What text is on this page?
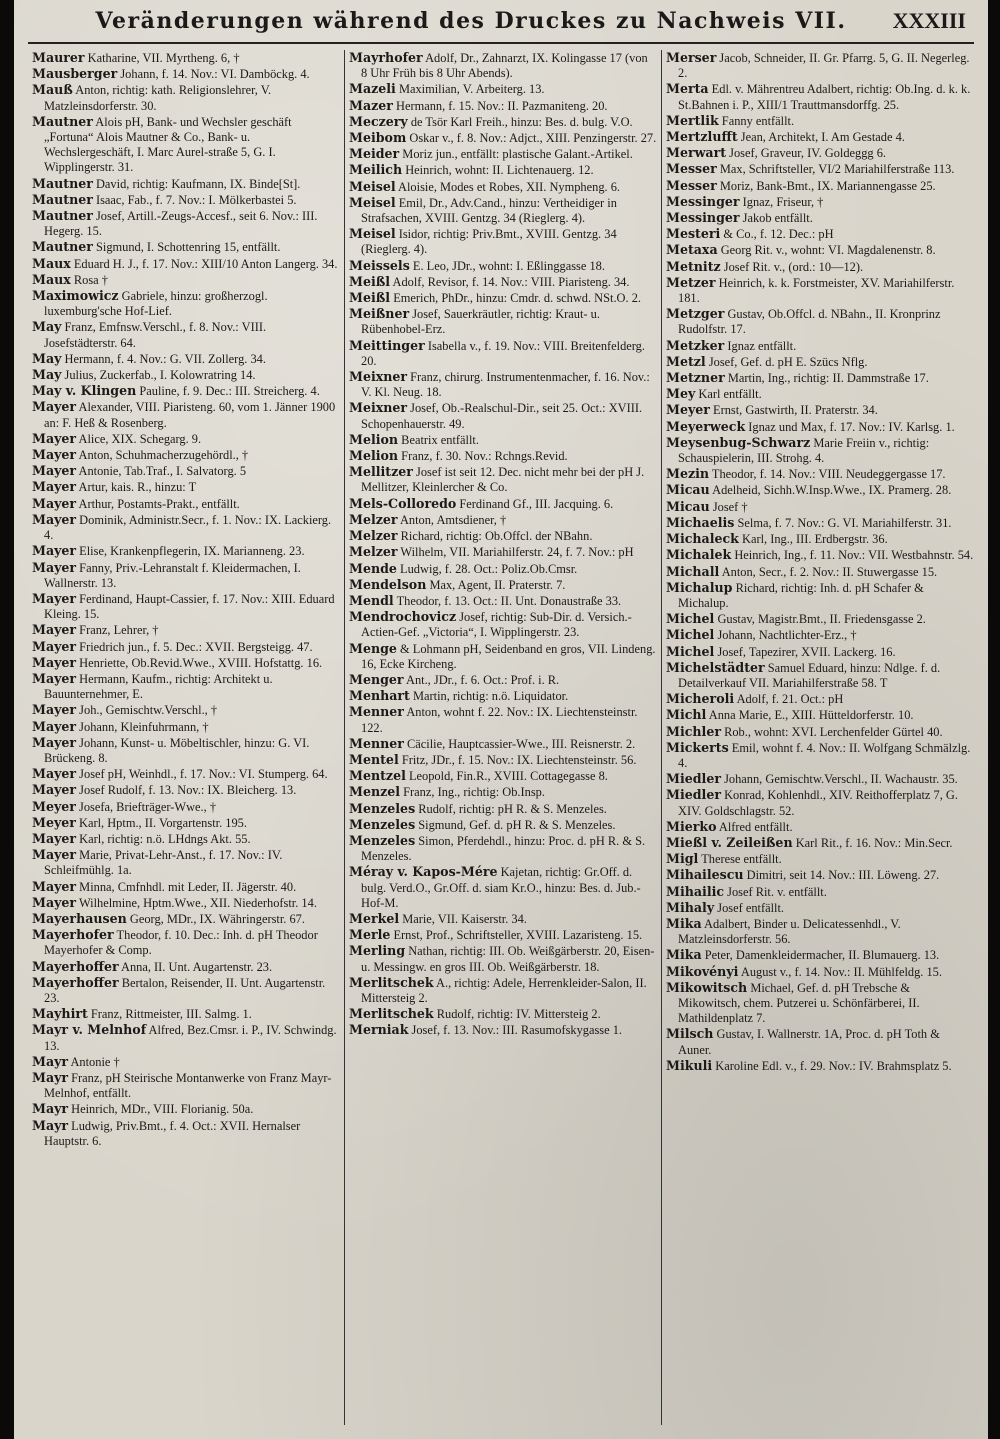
Veränderungen während des Druckes zu Nachweis VII.	XXXIII

Maurer Katharine, VII. Myrtheng. 6, †

Mausberger Johann, f. 14. Nov.: VI. Damböckg. 4.

Mauß Anton, richtig: kath. Religionslehrer, V. Matzleinsdorferstr. 30.

Mautner Alois pH, Bank- und Wechsler geschäft „Fortuna“ Alois Mautner & Co., Bank- u. Wechslergeschäft, I. Marc Aurel-straße 5, G. I. Wipplingerstr. 31.

Mautner David, richtig: Kaufmann, IX. Binde[St].

Mautner Isaac, Fab., f. 7. Nov.: I. Mölkerbastei 5.

Mautner Josef, Artill.-Zeugs-Accesf., seit 6. Nov.: III. Hegerg. 15.

Mautner Sigmund, I. Schottenring 15, entfällt.

Maux Eduard H. J., f. 17. Nov.: XIII/10 Anton Langerg. 34.

Maux Rosa †

Maximowicz Gabriele, hinzu: großherzogl. luxemburg'sche Hof-Lief.

May Franz, Emfnsw.Verschl., f. 8. Nov.: VIII. Josefstädterstr. 64.

May Hermann, f. 4. Nov.: G. VII. Zollerg. 34.

May Julius, Zuckerfab., I. Kolowratring 14.

May v. Klingen Pauline, f. 9. Dec.: III. Streicherg. 4.

Mayer Alexander, VIII. Piaristeng. 60, vom 1. Jänner 1900 an: F. Heß & Rosenberg.

Mayer Alice, XIX. Schegarg. 9.

Mayer Anton, Schuhmacherzugehördl., †

Mayer Antonie, Tab.Traf., I. Salvatorg. 5

Mayer Artur, kais. R., hinzu: T

Mayer Arthur, Postamts-Prakt., entfällt.

Mayer Dominik, Administr.Secr., f. 1. Nov.: IX. Lackierg. 4.

Mayer Elise, Krankenpflegerin, IX. Marianneng. 23.

Mayer Fanny, Priv.-Lehranstalt f. Kleidermachen, I. Wallnerstr. 13.

Mayer Ferdinand, Haupt-Cassier, f. 17. Nov.: XIII. Eduard Kleing. 15.

Mayer Franz, Lehrer, †

Mayer Friedrich jun., f. 5. Dec.: XVII. Bergsteigg. 47.

Mayer Henriette, Ob.Revid.Wwe., XVIII. Hofstattg. 16.

Mayer Hermann, Kaufm., richtig: Architekt u. Bauunternehmer, E.

Mayer Joh., Gemischtw.Verschl., †

Mayer Johann, Kleinfuhrmann, †

Mayer Johann, Kunst- u. Möbeltischler, hinzu: G. VI. Brückeng. 8.

Mayer Josef pH, Weinhdl., f. 17. Nov.: VI. Stumperg. 64.

Mayer Josef Rudolf, f. 13. Nov.: IX. Bleicherg. 13.

Meyer Josefa, Briefträger-Wwe., †

Meyer Karl, Hptm., II. Vorgartenstr. 195.

Mayer Karl, richtig: n.ö. LHdngs Akt. 55.

Mayer Marie, Privat-Lehr-Anst., f. 17. Nov.: IV. Schleifmühlg. 1a.

Mayer Minna, Cmfnhdl. mit Leder, II. Jägerstr. 40.

Mayer Wilhelmine, Hptm.Wwe., XII. Niederhofstr. 14.

Mayerhausen Georg, MDr., IX. Währingerstr. 67.

Mayerhofer Theodor, f. 10. Dec.: Inh. d. pH Theodor Mayerhofer & Comp.

Mayerhoffer Anna, II. Unt. Augartenstr. 23.

Mayerhoffer Bertalon, Reisender, II. Unt. Augartenstr. 23.

Mayhirt Franz, Rittmeister, III. Salmg. 1.

Mayr v. Melnhof Alfred, Bez.Cmsr. i. P., IV. Schwindg. 13.

Mayr Antonie †

Mayr Franz, pH Steirische Montanwerke von Franz Mayr-Melnhof, entfällt.

Mayr Heinrich, MDr., VIII. Florianig. 50a.

Mayr Ludwig, Priv.Bmt., f. 4. Oct.: XVII. Hernalser Hauptstr. 6.

Mayrhofer Adolf, Dr., Zahnarzt, IX. Kolingasse 17 (von 8 Uhr Früh bis 8 Uhr Abends).

Mazeli Maximilian, V. Arbeiterg. 13.

Mazer Hermann, f. 15. Nov.: II. Pazmaniteng. 20.

Meczery de Tsör Karl Freih., hinzu: Bes. d. bulg. V.O.

Meibom Oskar v., f. 8. Nov.: Adjct., XIII. Penzingerstr. 27.

Meider Moriz jun., entfällt: plastische Galant.-Artikel.

Meilich Heinrich, wohnt: II. Lichtenauerg. 12.

Meisel Aloisie, Modes et Robes, XII. Nympheng. 6.

Meisel Emil, Dr., Adv.Cand., hinzu: Vertheidiger in Strafsachen, XVIII. Gentzg. 34 (Rieglerg. 4).

Meisel Isidor, richtig: Priv.Bmt., XVIII. Gentzg. 34 (Rieglerg. 4).

Meissels E. Leo, JDr., wohnt: I. Eßlinggasse 18.

Meißl Adolf, Revisor, f. 14. Nov.: VIII. Piaristeng. 34.

Meißl Emerich, PhDr., hinzu: Cmdr. d. schwd. NSt.O. 2.

Meißner Josef, Sauerkräutler, richtig: Kraut- u. Rübenhobel-Erz.

Meittinger Isabella v., f. 19. Nov.: VIII. Breitenfelderg. 20.

Meixner Franz, chirurg. Instrumentenmacher, f. 16. Nov.: V. Kl. Neug. 18.

Meixner Josef, Ob.-Realschul-Dir., seit 25. Oct.: XVIII. Schopenhauerstr. 49.

Melion Beatrix entfällt.

Melion Franz, f. 30. Nov.: Rchngs.Revid.

Mellitzer Josef ist seit 12. Dec. nicht mehr bei der pH J. Mellitzer, Kleinlercher & Co.

Mels-Colloredo Ferdinand Gf., III. Jacquing. 6.

Melzer Anton, Amtsdiener, †

Melzer Richard, richtig: Ob.Offcl. der NBahn.

Melzer Wilhelm, VII. Mariahilferstr. 24, f. 7. Nov.: pH

Mende Ludwig, f. 28. Oct.: Poliz.Ob.Cmsr.

Mendelson Max, Agent, II. Praterstr. 7.

Mendl Theodor, f. 13. Oct.: II. Unt. Donaustraße 33.

Mendrochovicz Josef, richtig: Sub-Dir. d. Versich.-Actien-Gef. „Victoria“, I. Wipplingerstr. 23.

Menge & Lohmann pH, Seidenband en gros, VII. Lindeng. 16, Ecke Kircheng.

Menger Ant., JDr., f. 6. Oct.: Prof. i. R.

Menhart Martin, richtig: n.ö. Liquidator.

Menner Anton, wohnt f. 22. Nov.: IX. Liechtensteinstr. 122.

Menner Cäcilie, Hauptcassier-Wwe., III. Reisnerstr. 2.

Mentel Fritz, JDr., f. 15. Nov.: IX. Liechtensteinstr. 56.

Mentzel Leopold, Fin.R., XVIII. Cottagegasse 8.

Menzel Franz, Ing., richtig: Ob.Insp.

Menzeles Rudolf, richtig: pH R. & S. Menzeles.

Menzeles Sigmund, Gef. d. pH R. & S. Menzeles.

Menzeles Simon, Pferdehdl., hinzu: Proc. d. pH R. & S. Menzeles.

Méray v. Kapos-Mére Kajetan, richtig: Gr.Off. d. bulg. Verd.O., Gr.Off. d. siam Kr.O., hinzu: Bes. d. Jub.-Hof-M.

Merkel Marie, VII. Kaiserstr. 34.

Merle Ernst, Prof., Schriftsteller, XVIII. Lazaristeng. 15.

Merling Nathan, richtig: III. Ob. Weißgärberstr. 20, Eisen- u. Messingw. en gros III. Ob. Weißgärberstr. 18.

Merlitschek A., richtig: Adele, Herrenkleider-Salon, II. Mittersteig 2.

Merlitschek Rudolf, richtig: IV. Mittersteig 2.

Merniak Josef, f. 13. Nov.: III. Rasumofskygasse 1.

Merser Jacob, Schneider, II. Gr. Pfarrg. 5, G. II. Negerleg. 2.

Merta Edl. v. Mährentreu Adalbert, richtig: Ob.Ing. d. k. k. St.Bahnen i. P., XIII/1 Trauttmansdorffg. 25.

Mertlik Fanny entfällt.

Mertzlufft Jean, Architekt, I. Am Gestade 4.

Merwart Josef, Graveur, IV. Goldeggg 6.

Messer Max, Schriftsteller, VI/2 Mariahilferstraße 113.

Messer Moriz, Bank-Bmt., IX. Mariannengasse 25.

Messinger Ignaz, Friseur, †

Messinger Jakob entfällt.

Mesteri & Co., f. 12. Dec.: pH

Metaxa Georg Rit. v., wohnt: VI. Magdalenenstr. 8.

Metnitz Josef Rit. v., (ord.: 10—12).

Metzer Heinrich, k. k. Forstmeister, XV. Mariahilferstr. 181.

Metzger Gustav, Ob.Offcl. d. NBahn., II. Kronprinz Rudolfstr. 17.

Metzker Ignaz entfällt.

Metzl Josef, Gef. d. pH E. Szücs Nflg.

Metzner Martin, Ing., richtig: II. Dammstraße 17.

Mey Karl entfällt.

Meyer Ernst, Gastwirth, II. Praterstr. 34.

Meyerweck Ignaz und Max, f. 17. Nov.: IV. Karlsg. 1.

Meysenbug-Schwarz Marie Freiin v., richtig: Schauspielerin, III. Strohg. 4.

Mezin Theodor, f. 14. Nov.: VIII. Neudeggergasse 17.

Micau Adelheid, Sichh.W.Insp.Wwe., IX. Pramerg. 28.

Micau Josef †

Michaelis Selma, f. 7. Nov.: G. VI. Mariahilferstr. 31.

Michaleck Karl, Ing., III. Erdbergstr. 36.

Michalek Heinrich, Ing., f. 11. Nov.: VII. Westbahnstr. 54.

Michall Anton, Secr., f. 2. Nov.: II. Stuwergasse 15.

Michalup Richard, richtig: Inh. d. pH Schafer & Michalup.

Michel Gustav, Magistr.Bmt., II. Friedensgasse 2.

Michel Johann, Nachtlichter-Erz., †

Michel Josef, Tapezirer, XVII. Lackerg. 16.

Michelstädter Samuel Eduard, hinzu: Ndlge. f. d. Detailverkauf VII. Mariahilferstraße 58. T

Micheroli Adolf, f. 21. Oct.: pH

Michl Anna Marie, E., XIII. Hütteldorferstr. 10.

Michler Rob., wohnt: XVI. Lerchenfelder Gürtel 40.

Mickerts Emil, wohnt f. 4. Nov.: II. Wolfgang Schmälzlg. 4.

Miedler Johann, Gemischtw.Verschl., II. Wachaustr. 35.

Miedler Konrad, Kohlenhdl., XIV. Reithofferplatz 7, G. XIV. Goldschlagstr. 52.

Mierko Alfred entfällt.

Mießl v. Zeileißen Karl Rit., f. 16. Nov.: Min.Secr.

Migl Therese entfällt.

Mihailescu Dimitri, seit 14. Nov.: III. Löweng. 27.

Mihailic Josef Rit. v. entfällt.

Mihaly Josef entfällt.

Mika Adalbert, Binder u. Delicatessenhdl., V. Matzleinsdorferstr. 56.

Mika Peter, Damenkleidermacher, II. Blumauerg. 13.

Mikovényi August v., f. 14. Nov.: II. Mühlfeldg. 15.

Mikowitsch Michael, Gef. d. pH Trebsche & Mikowitsch, chem. Putzerei u. Schönfärberei, II. Mathildenplatz 7.

Milsch Gustav, I. Wallnerstr. 1A, Proc. d. pH Toth & Auner.

Mikuli Karoline Edl. v., f. 29. Nov.: IV. Brahmsplatz 5.
